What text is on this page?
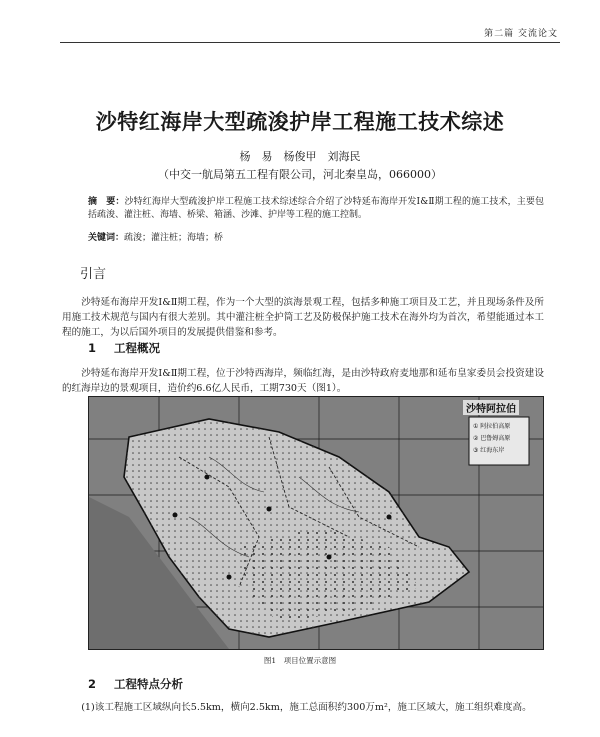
第二篇 交流论文
沙特红海岸大型疏浚护岸工程施工技术综述
杨　易　杨俊甲　刘海民
（中交一航局第五工程有限公司，河北秦皇岛，066000）
摘　要：沙特红海岸大型疏浚护岸工程施工技术综述综合介绍了沙特延布海岸开发Ⅰ&Ⅱ期工程的施工技术，主要包括疏浚、灌注桩、海墙、桥梁、箱涵、沙滩、护岸等工程的施工控制。
关键词：疏浚；灌注桩；海墙；桥
引言
沙特延布海岸开发Ⅰ&Ⅱ期工程，作为一个大型的滨海景观工程，包括多种施工项目及工艺，并且现场条件及所用施工技术规范与国内有很大差别。其中灌注桩全护筒工艺及防极保护施工技术在海外均为首次，希望能通过本工程的施工，为以后国外项目的发展提供借鉴和参考。
1 工程概况
沙特延布海岸开发Ⅰ&Ⅱ期工程，位于沙特西海岸，频临红海，是由沙特政府麦地那和延布皇家委员会投资建设的红海岸边的景观项目，造价约6.6亿人民币，工期730天（图1）。
沙特阿拉伯
① 阿拉伯高原
② 巴鲁姆高原
③ 红海东岸
图1　项目位置示意图
2 工程特点分析
(1)该工程施工区域纵向长5.5km，横向2.5km，施工总面积约300万m²，施工区域大，施工组织难度高。
